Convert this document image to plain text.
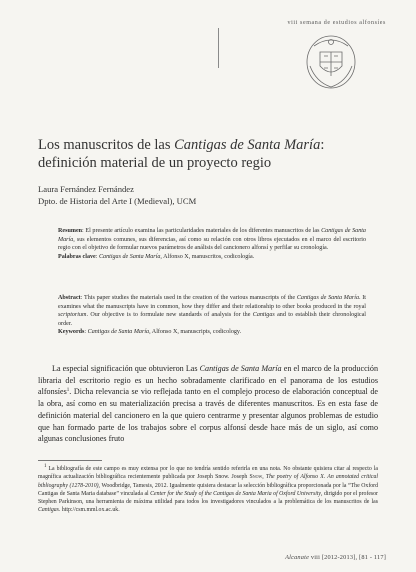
viii semana de estudios alfonsíes
Los manuscritos de las Cantigas de Santa María:
definición material de un proyecto regio
Laura Fernández Fernández
Dpto. de Historia del Arte I (Medieval), UCM

Resumen: El presente artículo examina las particularidades materiales de los diferentes manuscritos de las Cantigas de Santa María, sus elementos comunes, sus diferencias, así como su relación con otros libros ejecutados en el marco del escritorio regio con el objetivo de formular nuevos parámetros de análisis del cancionero alfonsí y perfilar su cronología.

Palabras clave: Cantigas de Santa María, Alfonso X, manuscritos, codicología.

Abstract: This paper studies the materials used in the creation of the various manuscripts of the Cantigas de Santa María. It examines what the manuscripts have in common, how they differ and their relationship to other books produced in the royal scriptorium. Our objective is to formulate new standards of analysis for the Cantigas and to establish their chronological order.

Keywords: Cantigas de Santa María, Alfonso X, manuscripts, codicology.

La especial significación que obtuvieron Las Cantigas de Santa María en el marco de la producción libraria del escritorio regio es un hecho sobradamente clarificado en el panorama de los estudios alfonsíes$^1$. Dicha relevancia se vio reflejada tanto en el complejo proceso de elaboración conceptual de la obra, así como en su materialización precisa a través de diferentes manuscritos. Es en esta fase de definición material del cancionero en la que quiero centrarme y presentar algunos problemas de estudio que han formado parte de los trabajos sobre el corpus alfonsí desde hace más de un siglo, así como algunas conclusiones fruto

$^1$ La bibliografía de este campo es muy extensa por lo que no tendría sentido referirla en una nota. No obstante quisiera citar al respecto la magnífica actualización bibliográfica recientemente publicada por Joseph Snow. Joseph Snow, The poetry of Alfonso X. An annotated critical bibliography (1278-2010), Woodbridge, Tamesis, 2012. Igualmente quisiera destacar la selección bibliográfica proporcionada por la “The Oxford Cantigas de Santa Maria database” vinculada al Center for the Study of the Cantigas de Santa Maria of Oxford University, dirigido por el profesor Stephen Parkinson, una herramienta de máxima utilidad para todos los investigadores vinculados a la problemática de los manuscritos de las Cantigas. http://csm.mml.ox.ac.uk.

Alcanate viii [2012-2013], [81 - 117]
